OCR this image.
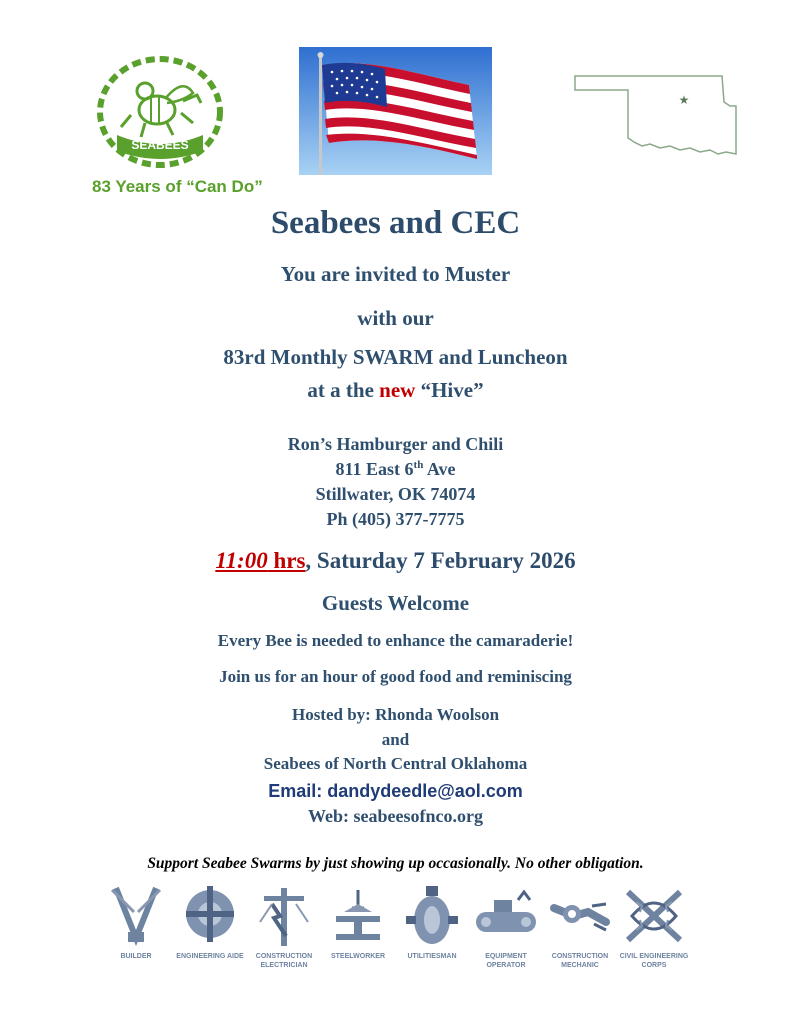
SEABEES
83 Years of “Can Do”
★
Seabees and CEC
You are invited to Muster
with our
83rd Monthly SWARM and Luncheon
at a the new “Hive”
Ron’s Hamburger and Chili
811 East 6th Ave
Stillwater, OK 74074
Ph (405) 377-7775
11:00 hrs, Saturday 7 February 2026
Guests Welcome
Every Bee is needed to enhance the camaraderie!
Join us for an hour of good food and reminiscing
Hosted by: Rhonda Woolson
and
Seabees of North Central Oklahoma
Email: dandydeedle@aol.com
Web: seabeesofnco.org
Support Seabee Swarms by just showing up occasionally. No other obligation.
BUILDER	ENGINEERING AIDE	CONSTRUCTION ELECTRICIAN
STEELWORKER	UTILITIESMAN	EQUIPMENT OPERATOR
CONSTRUCTION MECHANIC
CIVIL ENGINEERING CORPS
